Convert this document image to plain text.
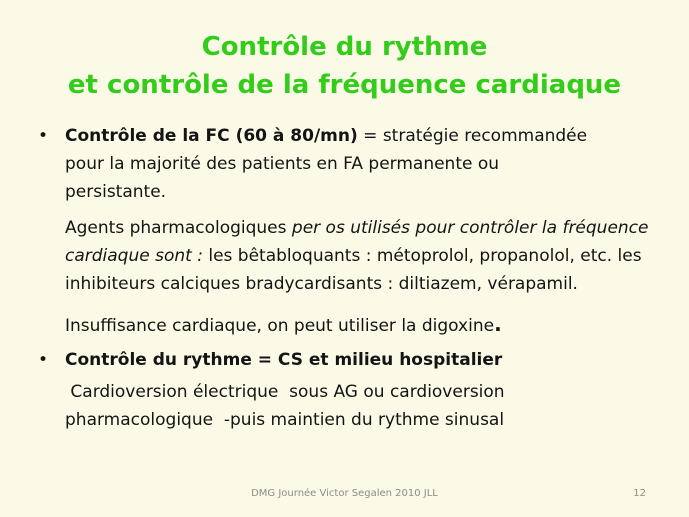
Contrôle du rythme
et contrôle de la fréquence cardiaque
• Contrôle de la FC (60 à 80/mn) = stratégie recommandée
pour la majorité des patients en FA permanente ou
persistante.
Agents pharmacologiques per os utilisés pour contrôler la fréquence cardiaque sont : les bêtabloquants : métoprolol, propanolol, etc. les inhibiteurs calciques bradycardisants : diltiazem, vérapamil.
Insuffisance cardiaque, on peut utiliser la digoxine.
• Contrôle du rythme = CS et milieu hospitalier
Cardioversion électrique  sous AG ou cardioversion
pharmacologique  -puis maintien du rythme sinusal
DMG Journée Victor Segalen 2010 JLL	12
